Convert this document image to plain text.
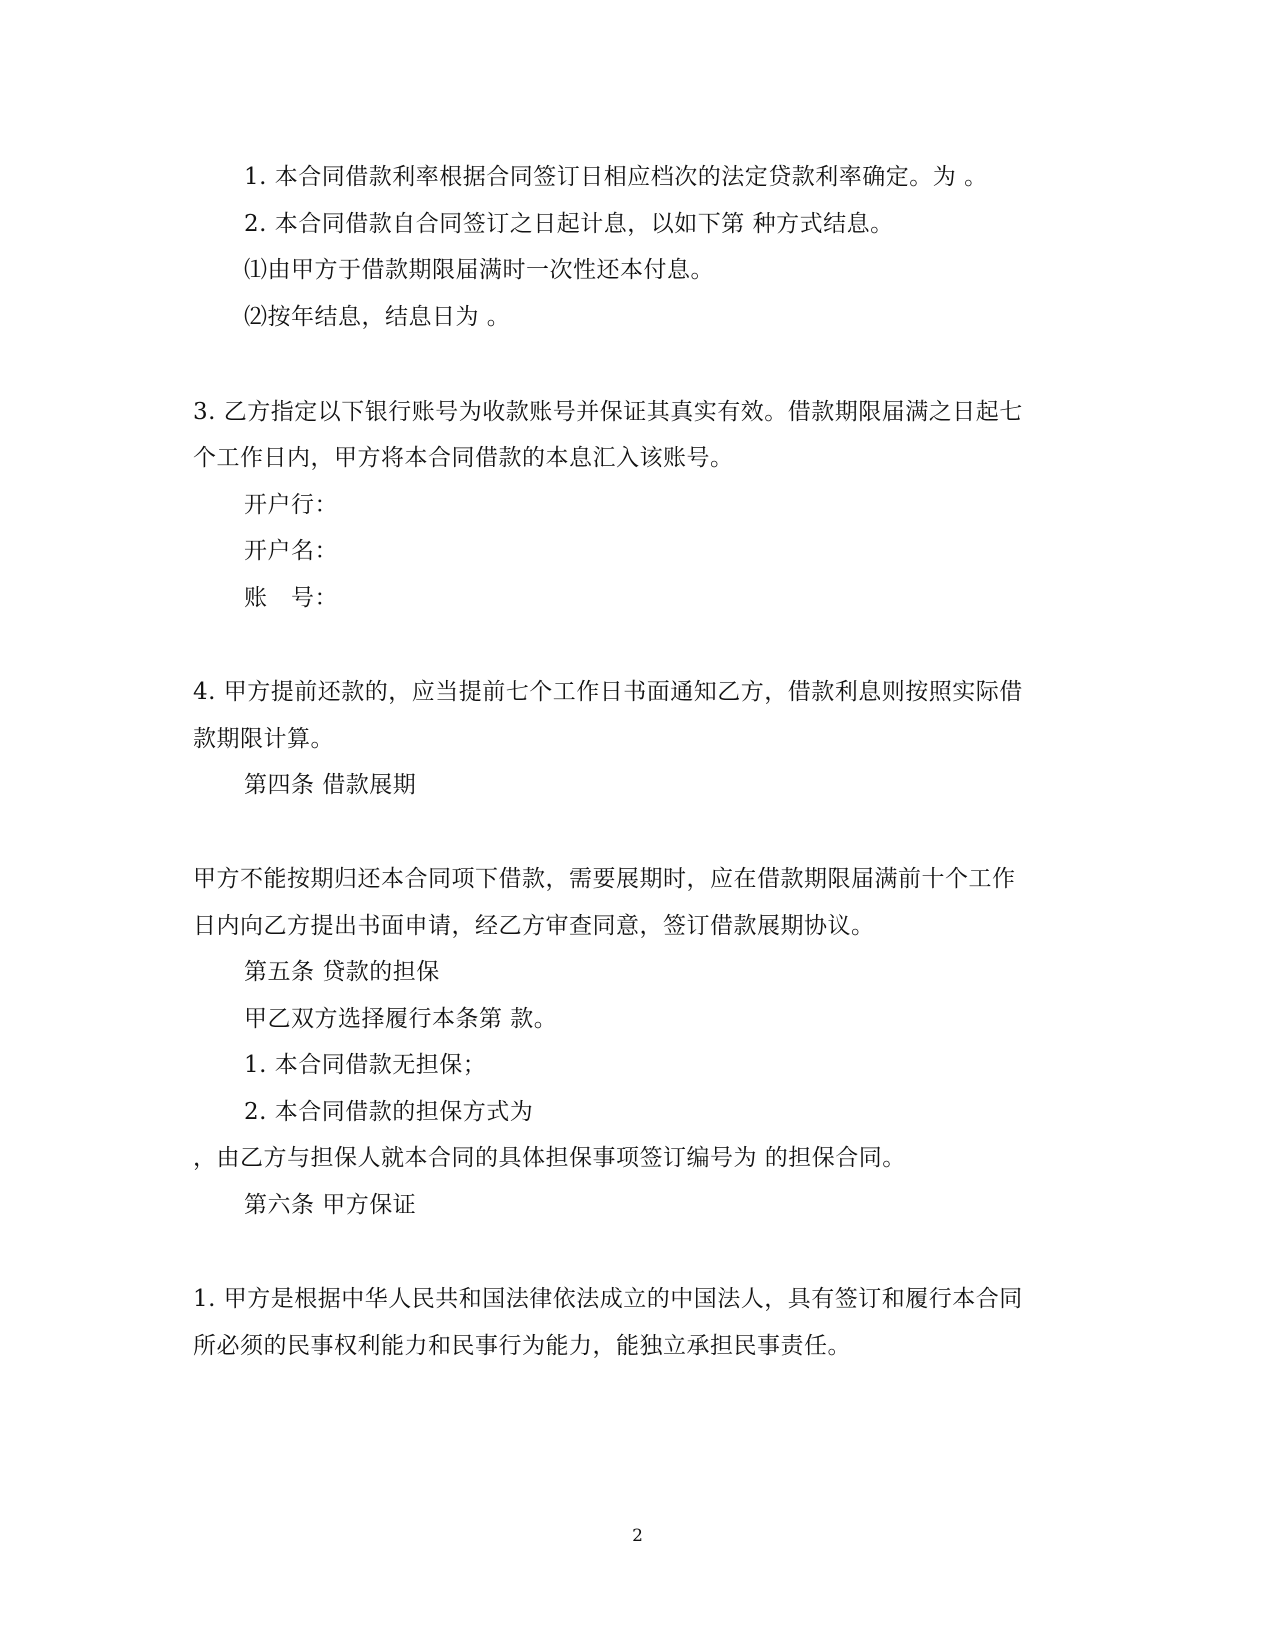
1. 本合同借款利率根据合同签订日相应档次的法定贷款利率确定。为 。
2. 本合同借款自合同签订之日起计息，以如下第 种方式结息。
⑴由甲方于借款期限届满时一次性还本付息。
⑵按年结息，结息日为 。
3. 乙方指定以下银行账号为收款账号并保证其真实有效。借款期限届满之日起七
个工作日内，甲方将本合同借款的本息汇入该账号。
开户行：
开户名：
账　号：
4. 甲方提前还款的，应当提前七个工作日书面通知乙方，借款利息则按照实际借
款期限计算。
第四条 借款展期
甲方不能按期归还本合同项下借款，需要展期时，应在借款期限届满前十个工作
日内向乙方提出书面申请，经乙方审查同意，签订借款展期协议。
第五条 贷款的担保
甲乙双方选择履行本条第 款。
1. 本合同借款无担保；
2. 本合同借款的担保方式为
，由乙方与担保人就本合同的具体担保事项签订编号为 的担保合同。
第六条 甲方保证
1. 甲方是根据中华人民共和国法律依法成立的中国法人，具有签订和履行本合同
所必须的民事权利能力和民事行为能力，能独立承担民事责任。
2
